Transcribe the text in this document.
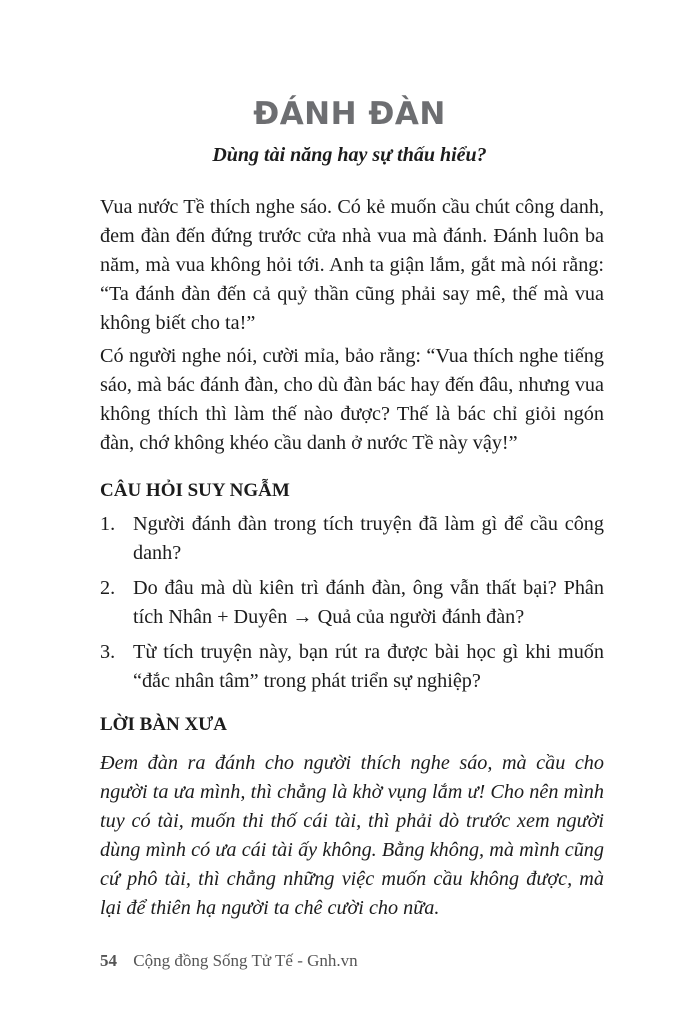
ĐÁNH ĐÀN

Dùng tài năng hay sự thấu hiểu?

Vua nước Tề thích nghe sáo. Có kẻ muốn cầu chút công danh, đem đàn đến đứng trước cửa nhà vua mà đánh. Đánh luôn ba năm, mà vua không hỏi tới. Anh ta giận lắm, gắt mà nói rằng: “Ta đánh đàn đến cả quỷ thần cũng phải say mê, thế mà vua không biết cho ta!”

Có người nghe nói, cười mỉa, bảo rằng: “Vua thích nghe tiếng sáo, mà bác đánh đàn, cho dù đàn bác hay đến đâu, nhưng vua không thích thì làm thế nào được? Thế là bác chỉ giỏi ngón đàn, chớ không khéo cầu danh ở nước Tề này vậy!”

CÂU HỎI SUY NGẪM
1. Người đánh đàn trong tích truyện đã làm gì để cầu công danh?
2. Do đâu mà dù kiên trì đánh đàn, ông vẫn thất bại? Phân tích Nhân + Duyên → Quả của người đánh đàn?
3. Từ tích truyện này, bạn rút ra được bài học gì khi muốn “đắc nhân tâm” trong phát triển sự nghiệp?
LỜI BÀN XƯA

Đem đàn ra đánh cho người thích nghe sáo, mà cầu cho người ta ưa mình, thì chẳng là khờ vụng lắm ư! Cho nên mình tuy có tài, muốn thi thố cái tài, thì phải dò trước xem người dùng mình có ưa cái tài ấy không. Bằng không, mà mình cũng cứ phô tài, thì chẳng những việc muốn cầu không được, mà lại để thiên hạ người ta chê cười cho nữa.

54 Cộng đồng Sống Tử Tế - Gnh.vn
